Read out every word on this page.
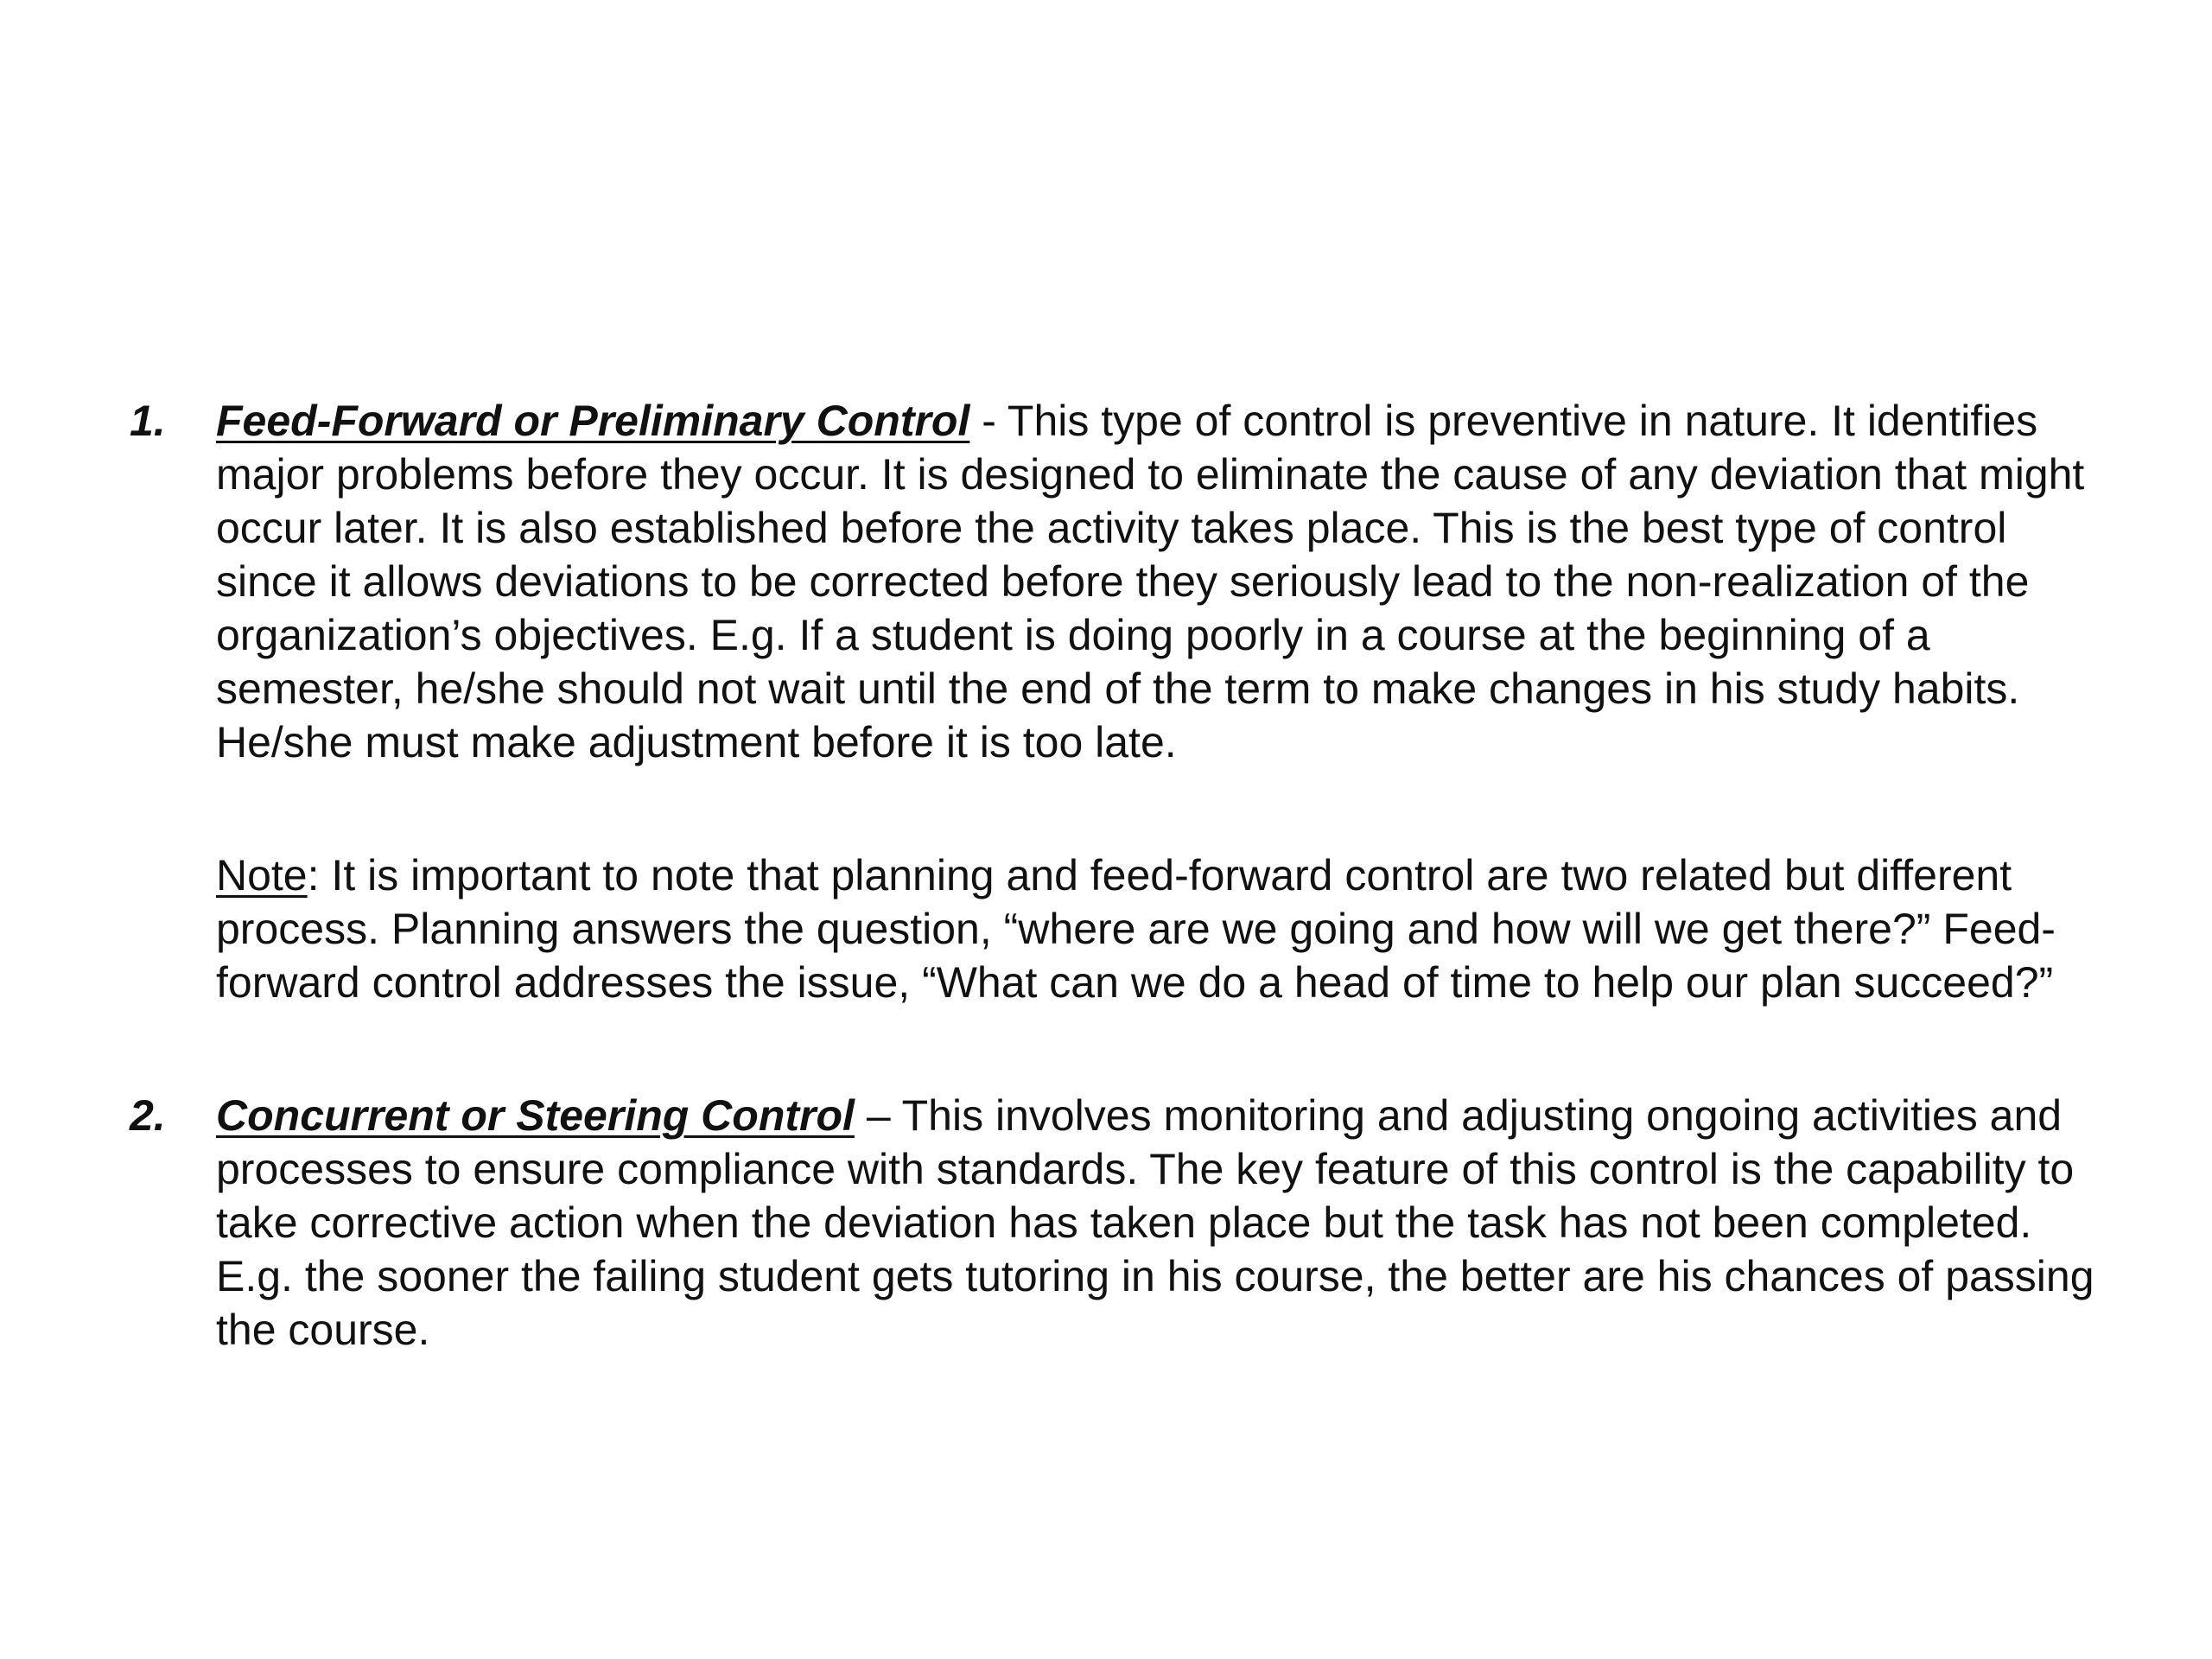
1. Feed-Forward or Preliminary Control - This type of control is preventive in nature. It identifies major problems before they occur. It is designed to eliminate the cause of any deviation that might occur later. It is also established before the activity takes place. This is the best type of control since it allows deviations to be corrected before they seriously lead to the non-realization of the organization’s objectives. E.g. If a student is doing poorly in a course at the beginning of a semester, he/she should not wait until the end of the term to make changes in his study habits. He/she must make adjustment before it is too late.
Note: It is important to note that planning and feed-forward control are two related but different process. Planning answers the question, “where are we going and how will we get there?” Feed-forward control addresses the issue, “What can we do a head of time to help our plan succeed?”
2. Concurrent or Steering Control – This involves monitoring and adjusting ongoing activities and processes to ensure compliance with standards. The key feature of this control is the capability to take corrective action when the deviation has taken place but the task has not been completed. E.g. the sooner the failing student gets tutoring in his course, the better are his chances of passing the course.
